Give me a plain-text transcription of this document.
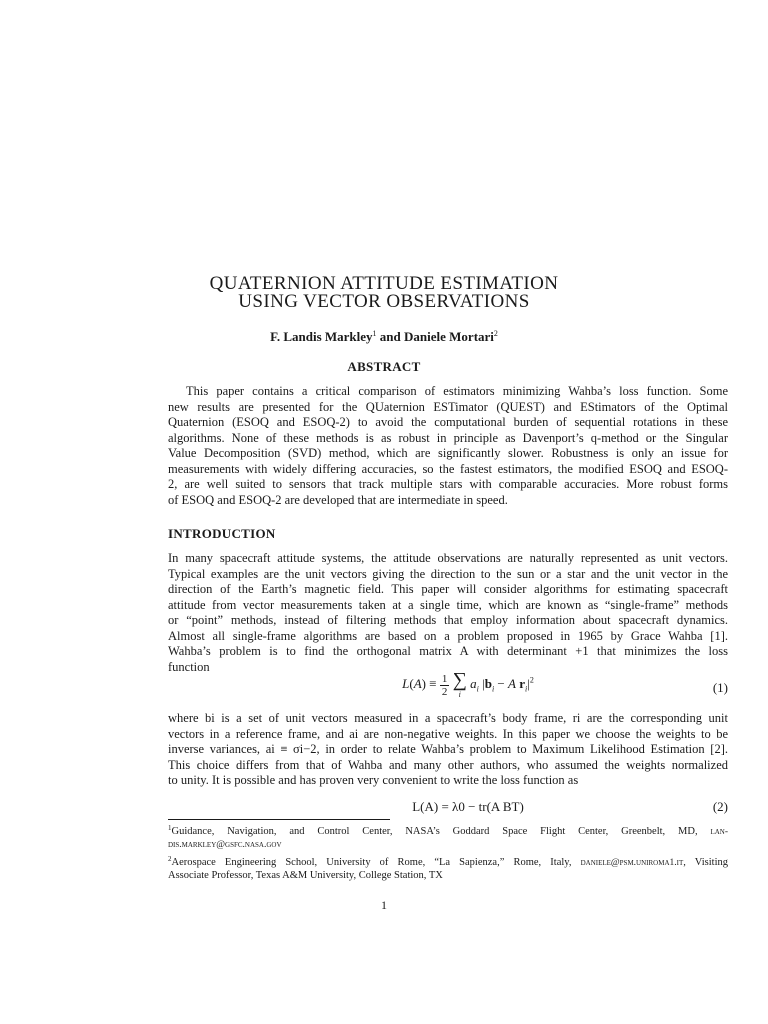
QUATERNION ATTITUDE ESTIMATION
USING VECTOR OBSERVATIONS
F. Landis Markley$^1$ and Daniele Mortari$^2$
ABSTRACT
This paper contains a critical comparison of estimators minimizing Wahba’s loss function. Some
new results are presented for the QUaternion ESTimator (QUEST) and EStimators of the Optimal
Quaternion (ESOQ and ESOQ-2) to avoid the computational burden of sequential rotations in these
algorithms. None of these methods is as robust in principle as Davenport’s q-method or the Singular
Value Decomposition (SVD) method, which are significantly slower. Robustness is only an issue for
measurements with widely differing accuracies, so the fastest estimators, the modified ESOQ and ESOQ-
2, are well suited to sensors that track multiple stars with comparable accuracies. More robust forms
of ESOQ and ESOQ-2 are developed that are intermediate in speed.
INTRODUCTION
In many spacecraft attitude systems, the attitude observations are naturally represented as unit vectors.
Typical examples are the unit vectors giving the direction to the sun or a star and the unit vector in the
direction of the Earth’s magnetic field. This paper will consider algorithms for estimating spacecraft
attitude from vector measurements taken at a single time, which are known as “single-frame” methods
or “point” methods, instead of filtering methods that employ information about spacecraft dynamics.
Almost all single-frame algorithms are based on a problem proposed in 1965 by Grace Wahba [1].
Wahba’s problem is to find the orthogonal matrix A with determinant +1 that minimizes the loss
function
$L(A) \equiv \frac{1}{2}$
∑
i
$a_i$ $|b_i - A$ $r_i|^2$	(1)
where bi is a set of unit vectors measured in a spacecraft’s body frame, ri are the corresponding unit
vectors in a reference frame, and ai are non-negative weights. In this paper we choose the weights to be
inverse variances, ai ≡ σi−2, in order to relate Wahba’s problem to Maximum Likelihood Estimation [2].
This choice differs from that of Wahba and many other authors, who assumed the weights normalized
to unity. It is possible and has proven very convenient to write the loss function as
L(A) = λ0 − tr(A BT)	(2)
$^1$Guidance, Navigation, and Control Center, NASA’s Goddard Space Flight Center, Greenbelt, MD, lan-
dis.markley@gsfc.nasa.gov
$^2$Aerospace Engineering School, University of Rome, “La Sapienza,” Rome, Italy, daniele@psm.uniroma1.it, Visiting
Associate Professor, Texas A&M University, College Station, TX
1
